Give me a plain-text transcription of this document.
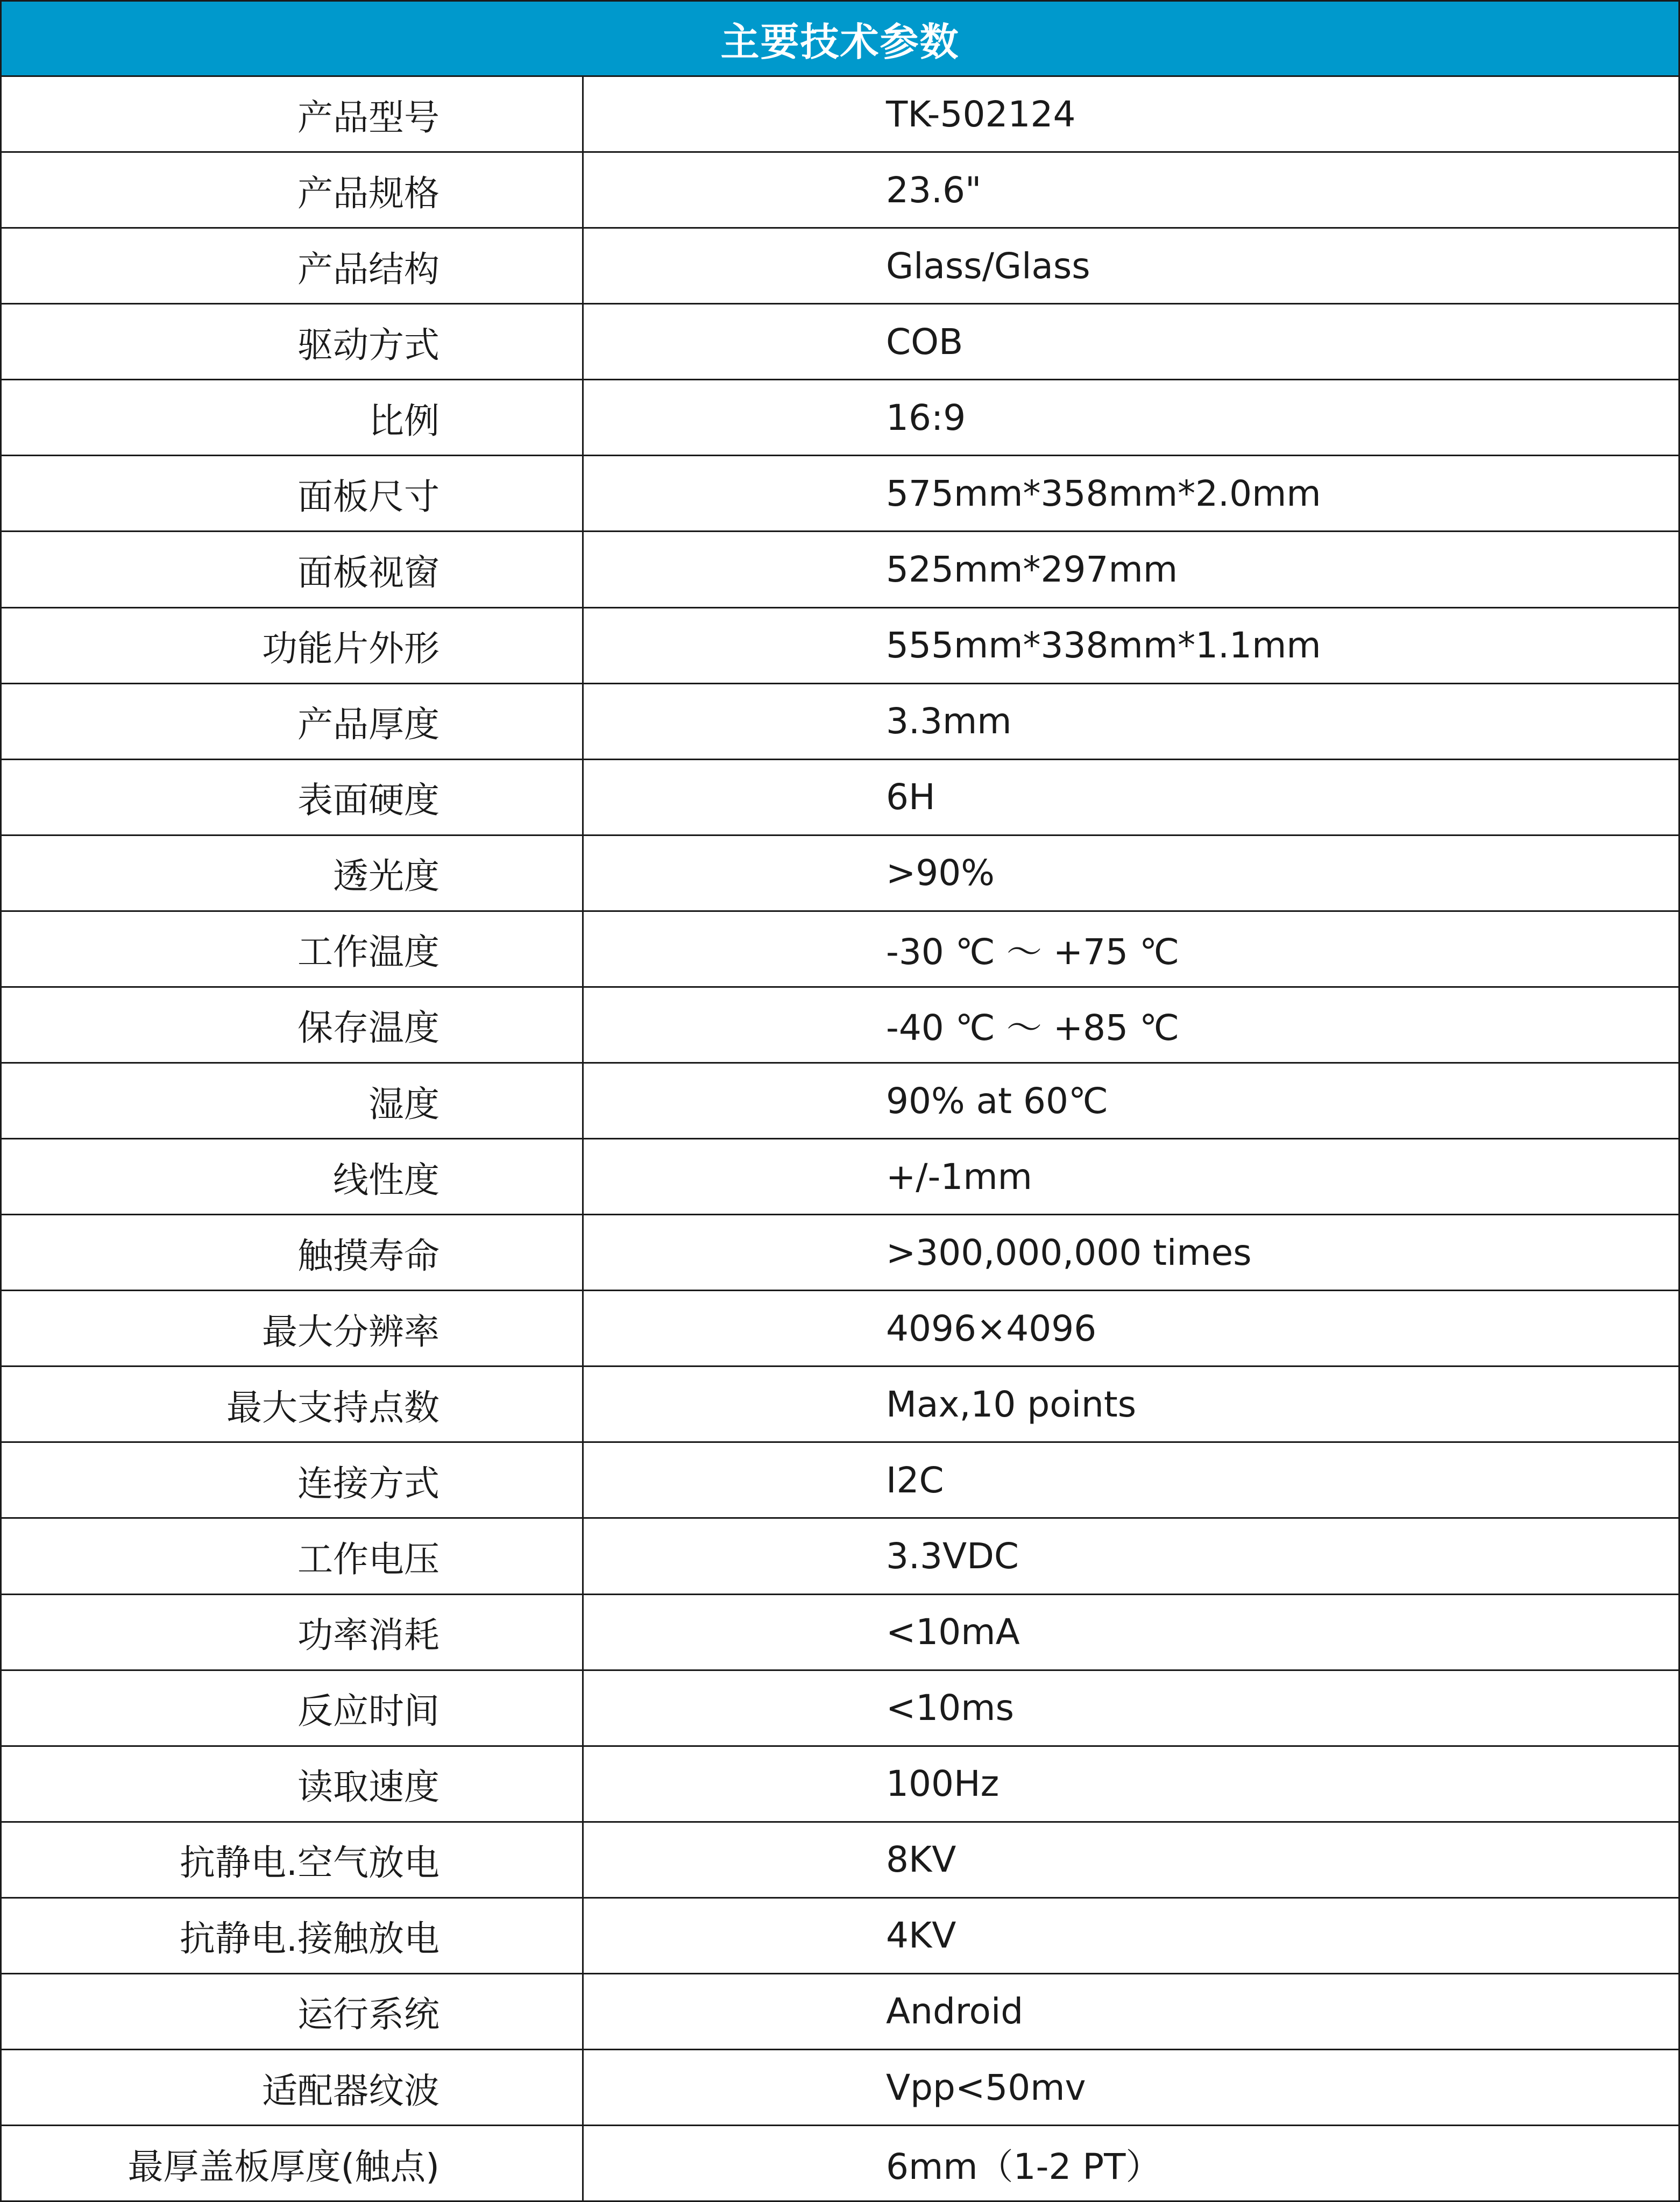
主要技术参数
产品型号	TK-502124
产品规格	23.6"
产品结构	Glass/Glass
驱动方式	COB
比例	16:9
面板尺寸	575mm*358mm*2.0mm
面板视窗	525mm*297mm
功能片外形	555mm*338mm*1.1mm
产品厚度	3.3mm
表面硬度	6H
透光度	>90%
工作温度	-30 ℃ ～ +75 ℃
保存温度	-40 ℃ ～ +85 ℃
湿度	90% at 60℃
线性度	+/-1mm
触摸寿命	>300,000,000 times
最大分辨率	4096×4096
最大支持点数	Max,10 points
连接方式	I2C
工作电压	3.3VDC
功率消耗	<10mA
反应时间	<10ms
读取速度	100Hz
抗静电.空气放电	8KV
抗静电.接触放电	4KV
运行系统	Android
适配器纹波	Vpp<50mv
最厚盖板厚度(触点)	6mm（1-2 PT）
